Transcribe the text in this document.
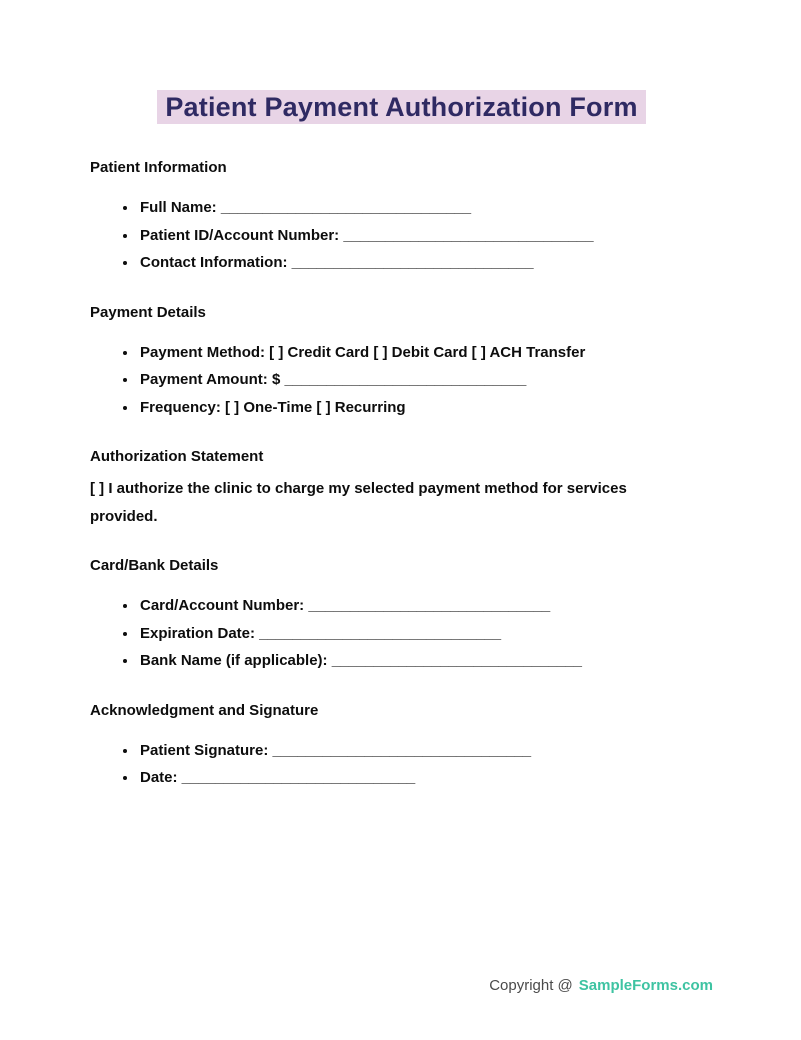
Patient Payment Authorization Form
Patient Information
• Full Name: ______________________________
• Patient ID/Account Number: ______________________________
• Contact Information: _____________________________
Payment Details
• Payment Method: [ ] Credit Card [ ] Debit Card [ ] ACH Transfer
• Payment Amount: $ _____________________________
• Frequency: [ ] One-Time [ ] Recurring
Authorization Statement

[ ] I authorize the clinic to charge my selected payment method for services provided.

Card/Bank Details
• Card/Account Number: _____________________________
• Expiration Date: _____________________________
• Bank Name (if applicable): ______________________________
Acknowledgment and Signature
• Patient Signature: _______________________________
• Date: ____________________________
Copyright @ SampleForms.com
